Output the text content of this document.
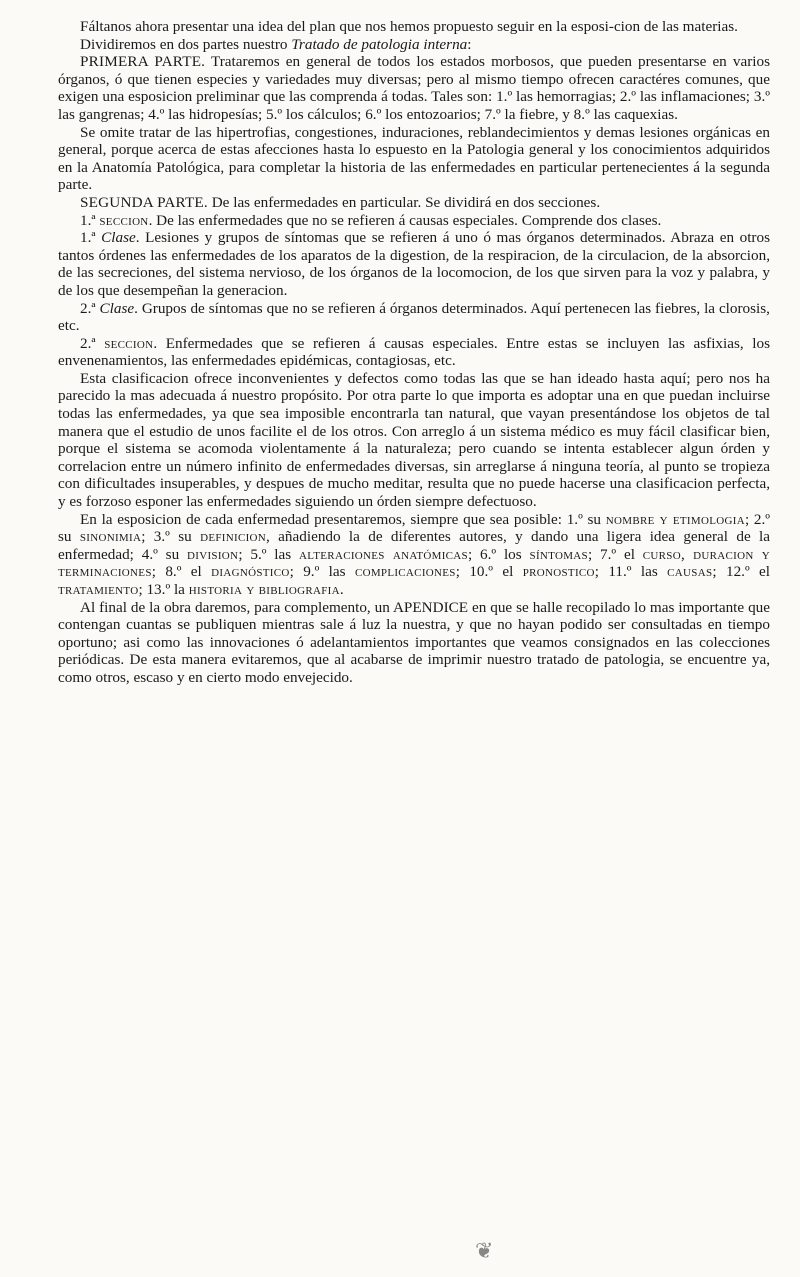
Fáltanos ahora presentar una idea del plan que nos hemos propuesto seguir en la esposi-cion de las materias.

Dividiremos en dos partes nuestro Tratado de patologia interna:

PRIMERA PARTE. Trataremos en general de todos los estados morbosos, que pueden presentarse en varios órganos, ó que tienen especies y variedades muy diversas; pero al mismo tiempo ofrecen caractéres comunes, que exigen una esposicion preliminar que las comprenda á todas. Tales son: 1.º las hemorragias; 2.º las inflamaciones; 3.º las gangrenas; 4.º las hidropesías; 5.º los cálculos; 6.º los entozoarios; 7.º la fiebre, y 8.º las caquexias.

Se omite tratar de las hipertrofias, congestiones, induraciones, reblandecimientos y demas lesiones orgánicas en general, porque acerca de estas afecciones hasta lo espuesto en la Patologia general y los conocimientos adquiridos en la Anatomía Patológica, para completar la historia de las enfermedades en particular pertenecientes á la segunda parte.

SEGUNDA PARTE. De las enfermedades en particular. Se dividirá en dos secciones.

1.ª seccion. De las enfermedades que no se refieren á causas especiales. Comprende dos clases.

1.ª Clase. Lesiones y grupos de síntomas que se refieren á uno ó mas órganos determinados. Abraza en otros tantos órdenes las enfermedades de los aparatos de la digestion, de la respiracion, de la circulacion, de la absorcion, de las secreciones, del sistema nervioso, de los órganos de la locomocion, de los que sirven para la voz y palabra, y de los que desempeñan la generacion.

2.ª Clase. Grupos de síntomas que no se refieren á órganos determinados. Aquí pertenecen las fiebres, la clorosis, etc.

2.ª seccion. Enfermedades que se refieren á causas especiales. Entre estas se incluyen las asfixias, los envenenamientos, las enfermedades epidémicas, contagiosas, etc.

Esta clasificacion ofrece inconvenientes y defectos como todas las que se han ideado hasta aquí; pero nos ha parecido la mas adecuada á nuestro propósito. Por otra parte lo que importa es adoptar una en que puedan incluirse todas las enfermedades, ya que sea imposible encontrarla tan natural, que vayan presentándose los objetos de tal manera que el estudio de unos facilite el de los otros. Con arreglo á un sistema médico es muy fácil clasificar bien, porque el sistema se acomoda violentamente á la naturaleza; pero cuando se intenta establecer algun órden y correlacion entre un número infinito de enfermedades diversas, sin arreglarse á ninguna teoría, al punto se tropieza con dificultades insuperables, y despues de mucho meditar, resulta que no puede hacerse una clasificacion perfecta, y es forzoso esponer las enfermedades siguiendo un órden siempre defectuoso.

En la esposicion de cada enfermedad presentaremos, siempre que sea posible: 1.º su nombre y etimologia; 2.º su sinonimia; 3.º su definicion, añadiendo la de diferentes autores, y dando una ligera idea general de la enfermedad; 4.º su division; 5.º las alteraciones anatómicas; 6.º los síntomas; 7.º el curso, duracion y terminaciones; 8.º el diagnóstico; 9.º las complicaciones; 10.º el pronostico; 11.º las causas; 12.º el tratamiento; 13.º la historia y bibliografia.

Al final de la obra daremos, para complemento, un APENDICE en que se halle recopilado lo mas importante que contengan cuantas se publiquen mientras sale á luz la nuestra, y que no hayan podido ser consultadas en tiempo oportuno; asi como las innovaciones ó adelantamientos importantes que veamos consignados en las colecciones periódicas. De esta manera evitaremos, que al acabarse de imprimir nuestro tratado de patologia, se encuentre ya, como otros, escaso y en cierto modo envejecido.

❦
